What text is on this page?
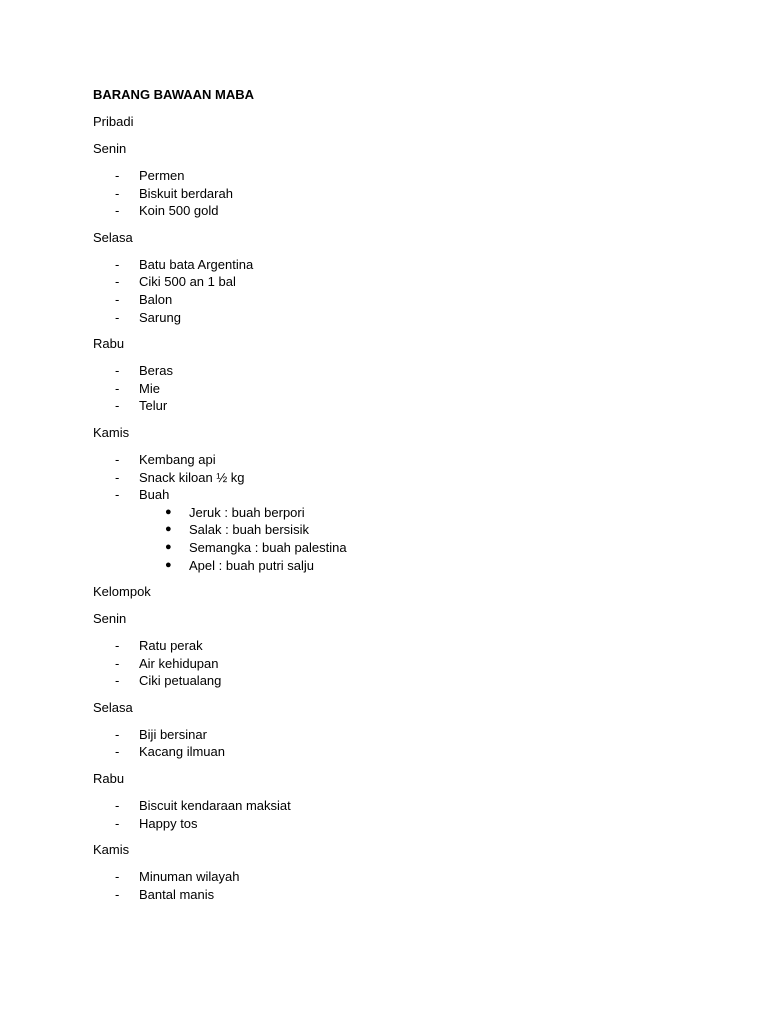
BARANG BAWAAN MABA
Pribadi
Senin
- Permen
- Biskuit berdarah
- Koin 500 gold
Selasa
- Batu bata Argentina
- Ciki 500 an 1 bal
- Balon
- Sarung
Rabu
- Beras
- Mie
- Telur
Kamis
- Kembang api
- Snack kiloan ½ kg
- Buah
● Jeruk : buah berpori
● Salak : buah bersisik
● Semangka : buah palestina
● Apel : buah putri salju
Kelompok
Senin
- Ratu perak
- Air kehidupan
- Ciki petualang
Selasa
- Biji bersinar
- Kacang ilmuan
Rabu
- Biscuit kendaraan maksiat
- Happy tos
Kamis
- Minuman wilayah
- Bantal manis
